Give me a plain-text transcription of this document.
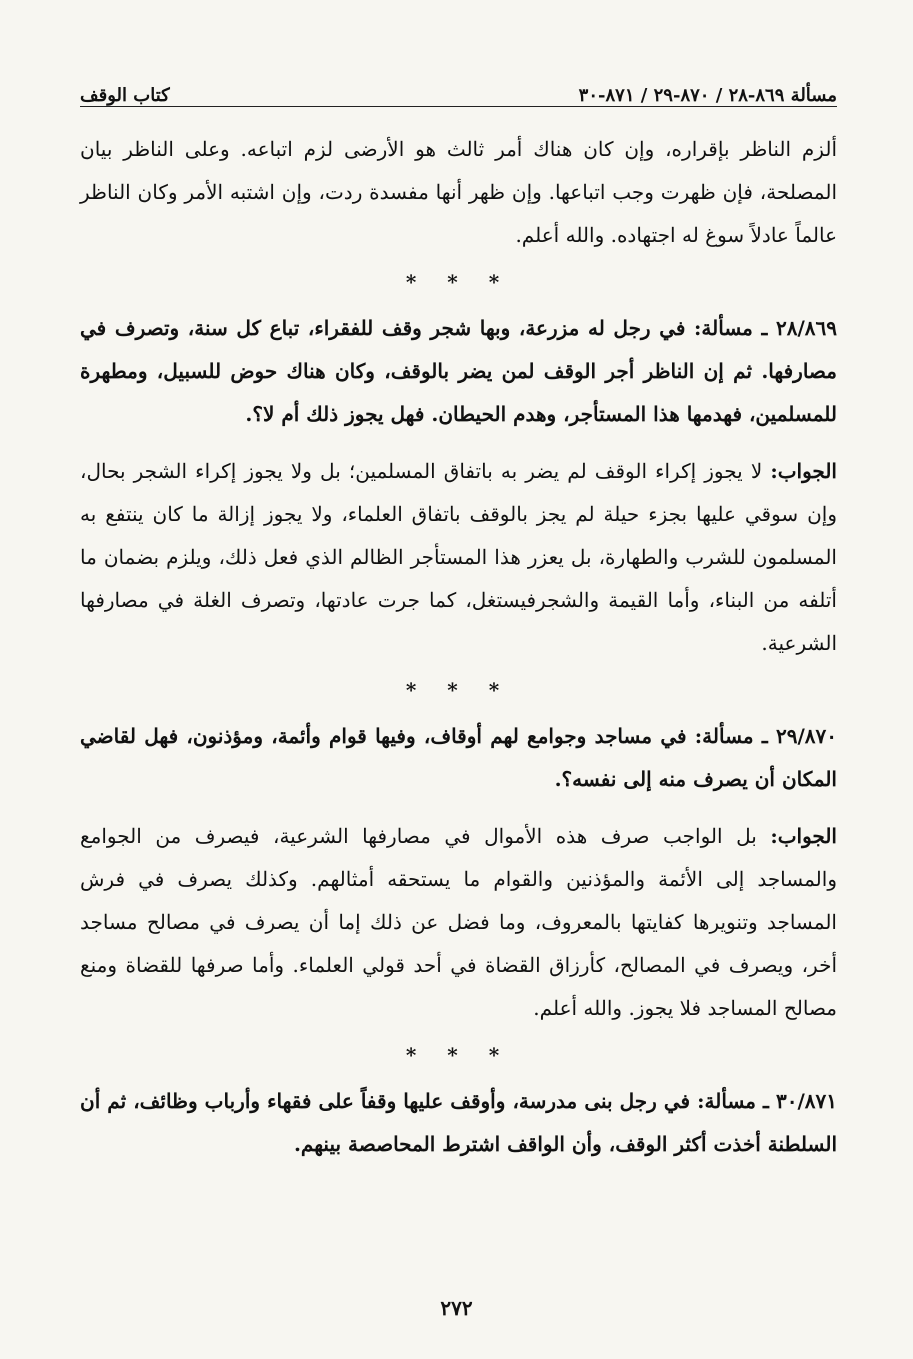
مسألة ٨٦٩-٢٨ / ٨٧٠-٢٩ / ٨٧١-٣٠
كتاب الوقف

ألزم الناظر بإقراره، وإن كان هناك أمر ثالث هو الأرضى لزم اتباعه. وعلى الناظر بيان المصلحة، فإن ظهرت وجب اتباعها. وإن ظهر أنها مفسدة ردت، وإن اشتبه الأمر وكان الناظر عالماً عادلاً سوغ له اجتهاده. والله أعلم.

* * *

٢٨/٨٦٩ ـ مسألة: في رجل له مزرعة، وبها شجر وقف للفقراء، تباع كل سنة، وتصرف في مصارفها. ثم إن الناظر أجر الوقف لمن يضر بالوقف، وكان هناك حوض للسبيل، ومطهرة للمسلمين، فهدمها هذا المستأجر، وهدم الحيطان. فهل يجوز ذلك أم لا؟.

الجواب: لا يجوز إكراء الوقف لم يضر به باتفاق المسلمين؛ بل ولا يجوز إكراء الشجر بحال، وإن سوقي عليها بجزء حيلة لم يجز بالوقف باتفاق العلماء، ولا يجوز إزالة ما كان ينتفع به المسلمون للشرب والطهارة، بل يعزر هذا المستأجر الظالم الذي فعل ذلك، ويلزم بضمان ما أتلفه من البناء، وأما القيمة والشجرفيستغل، كما جرت عادتها، وتصرف الغلة في مصارفها الشرعية.

* * *

٢٩/٨٧٠ ـ مسألة: في مساجد وجوامع لهم أوقاف، وفيها قوام وأئمة، ومؤذنون، فهل لقاضي المكان أن يصرف منه إلى نفسه؟.

الجواب: بل الواجب صرف هذه الأموال في مصارفها الشرعية، فيصرف من الجوامع والمساجد إلى الأئمة والمؤذنين والقوام ما يستحقه أمثالهم. وكذلك يصرف في فرش المساجد وتنويرها كفايتها بالمعروف، وما فضل عن ذلك إما أن يصرف في مصالح مساجد أخر، ويصرف في المصالح، كأرزاق القضاة في أحد قولي العلماء. وأما صرفها للقضاة ومنع مصالح المساجد فلا يجوز. والله أعلم.

* * *

٣٠/٨٧١ ـ مسألة: في رجل بنى مدرسة، وأوقف عليها وقفاً على فقهاء وأرباب وظائف، ثم أن السلطنة أخذت أكثر الوقف، وأن الواقف اشترط المحاصصة بينهم.

٢٧٢
